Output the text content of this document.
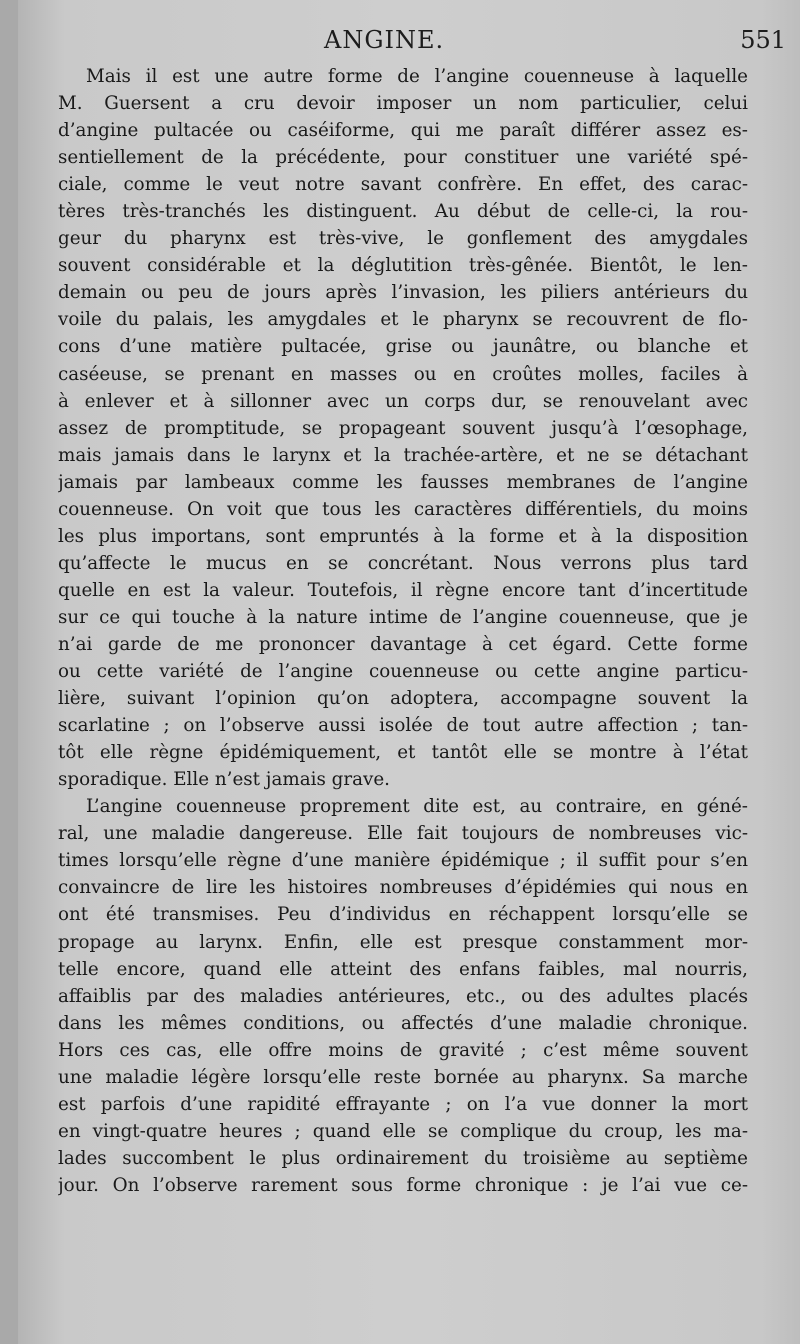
ANGINE.	551
Mais il est une autre forme de l’angine couenneuse à laquelle
M. Guersent a cru devoir imposer un nom particulier, celui
d’angine pultacée ou caséiforme, qui me paraît différer assez es-
sentiellement de la précédente, pour constituer une variété spé-
ciale, comme le veut notre savant confrère. En effet, des carac-
tères très-tranchés les distinguent. Au début de celle-ci, la rou-
geur du pharynx est très-vive, le gonflement des amygdales
souvent considérable et la déglutition très-gênée. Bientôt, le len-
demain ou peu de jours après l’invasion, les piliers antérieurs du
voile du palais, les amygdales et le pharynx se recouvrent de flo-
cons d’une matière pultacée, grise ou jaunâtre, ou blanche et
caséeuse, se prenant en masses ou en croûtes molles, faciles à
à enlever et à sillonner avec un corps dur, se renouvelant avec
assez de promptitude, se propageant souvent jusqu’à l’œsophage,
mais jamais dans le larynx et la trachée-artère, et ne se détachant
jamais par lambeaux comme les fausses membranes de l’angine
couenneuse. On voit que tous les caractères différentiels, du moins
les plus importans, sont empruntés à la forme et à la disposition
qu’affecte le mucus en se concrétant. Nous verrons plus tard
quelle en est la valeur. Toutefois, il règne encore tant d’incertitude
sur ce qui touche à la nature intime de l’angine couenneuse, que je
n’ai garde de me prononcer davantage à cet égard. Cette forme
ou cette variété de l’angine couenneuse ou cette angine particu-
lière, suivant l’opinion qu’on adoptera, accompagne souvent la
scarlatine ; on l’observe aussi isolée de tout autre affection ; tan-
tôt elle règne épidémiquement, et tantôt elle se montre à l’état
sporadique. Elle n’est jamais grave.
L’angine couenneuse proprement dite est, au contraire, en géné-
ral, une maladie dangereuse. Elle fait toujours de nombreuses vic-
times lorsqu’elle règne d’une manière épidémique ; il suffit pour s’en
convaincre de lire les histoires nombreuses d’épidémies qui nous en
ont été transmises. Peu d’individus en réchappent lorsqu’elle se
propage au larynx. Enfin, elle est presque constamment mor-
telle encore, quand elle atteint des enfans faibles, mal nourris,
affaiblis par des maladies antérieures, etc., ou des adultes placés
dans les mêmes conditions, ou affectés d’une maladie chronique.
Hors ces cas, elle offre moins de gravité ; c’est même souvent
une maladie légère lorsqu’elle reste bornée au pharynx. Sa marche
est parfois d’une rapidité effrayante ; on l’a vue donner la mort
en vingt-quatre heures ; quand elle se complique du croup, les ma-
lades succombent le plus ordinairement du troisième au septième
jour. On l’observe rarement sous forme chronique : je l’ai vue ce-
